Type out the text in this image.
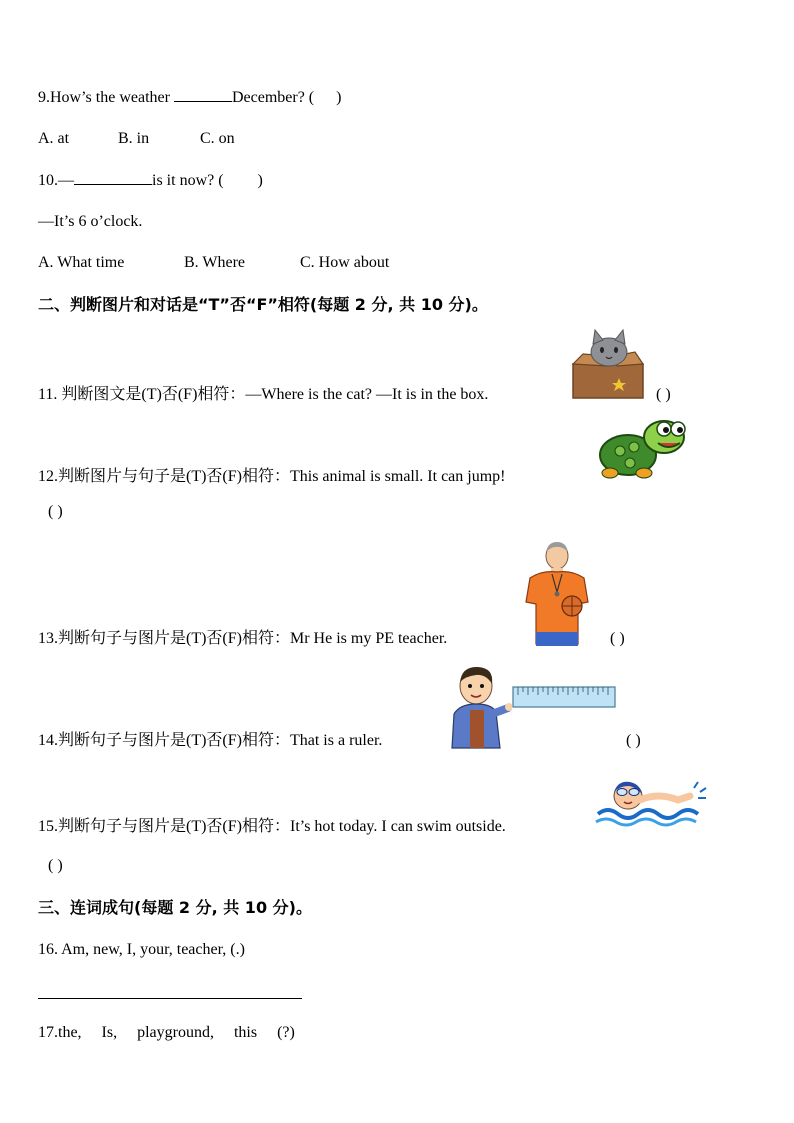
9.How’s the weather	December? ( )
A. at	B. in	C. on
10.—	is it now? ( )
—It’s 6 o’clock.
A. What time	B. Where	C. How about
二、判断图片和对话是“T”否“F”相符(每题 2 分, 共 10 分)。
11. 判断图文是(T)否(F)相符：—Where is the cat? —It is in the box.	( )
12.判断图片与句子是(T)否(F)相符：This animal is small. It can jump!
( )
13.判断句子与图片是(T)否(F)相符：Mr He is my PE teacher.	( )
14.判断句子与图片是(T)否(F)相符：That is a ruler.	( )
15.判断句子与图片是(T)否(F)相符：It’s hot today. I can swim outside.
( )
三、连词成句(每题 2 分, 共 10 分)。
16. Am, new, I, your, teacher, (.)
17.the,     Is,     playground,     this     (?)
